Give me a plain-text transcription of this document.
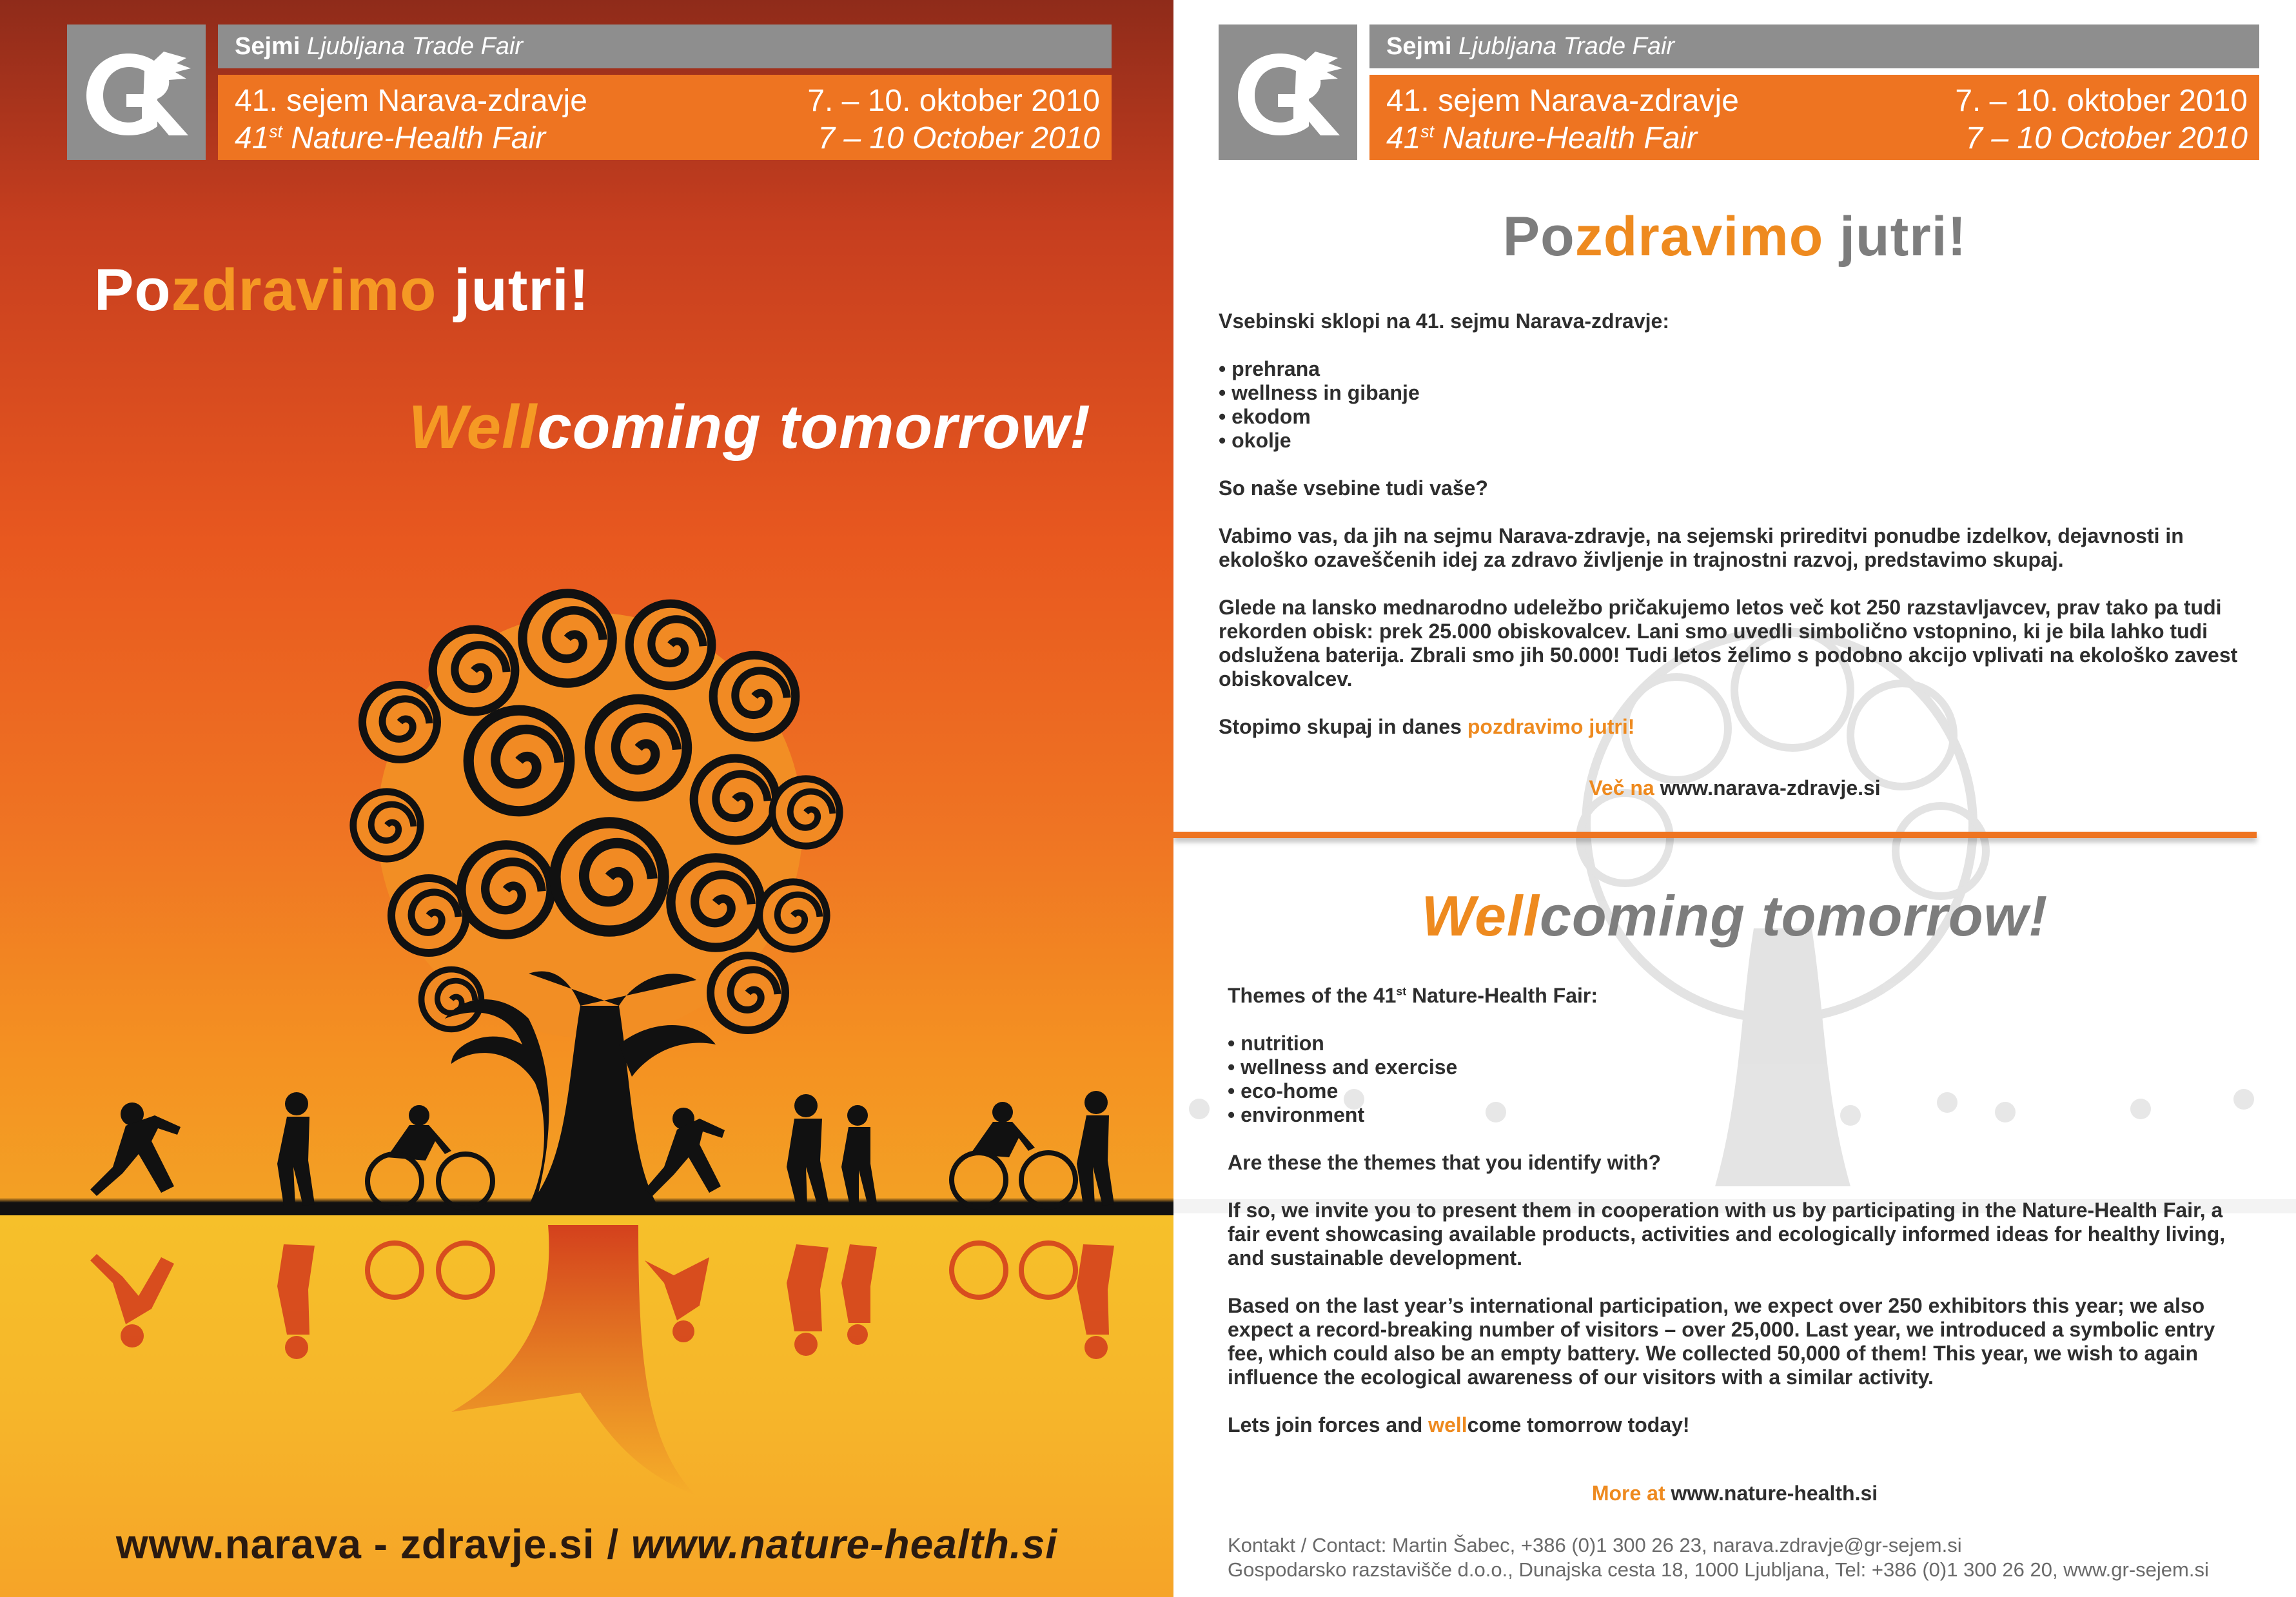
Sejmi Ljubljana Trade Fair
41. sejem Narava-zdravje	7. – 10. oktober 2010
41st Nature-Health Fair	7 – 10 October 2010
Pozdravimo jutri!
Wellcoming tomorrow!
www.narava - zdravje.si / www.nature-health.si
Sejmi Ljubljana Trade Fair
41. sejem Narava-zdravje	7. – 10. oktober 2010
41st Nature-Health Fair	7 – 10 October 2010
Pozdravimo jutri!

Vsebinski sklopi na 41. sejmu Narava-zdravje:

• prehrana
• wellness in gibanje
• ekodom
• okolje

So naše vsebine tudi vaše?

Vabimo vas, da jih na sejmu Narava-zdravje, na sejemski prireditvi ponudbe izdelkov, dejavnosti in ekološko ozaveščenih idej za zdravo življenje in trajnostni razvoj, predstavimo skupaj.

Glede na lansko mednarodno udeležbo pričakujemo letos več kot 250 razstavljavcev, prav tako pa tudi rekorden obisk: prek 25.000 obiskovalcev. Lani smo uvedli simbolično vstopnino, ki je bila lahko tudi odslužena baterija. Zbrali smo jih 50.000! Tudi letos želimo s podobno akcijo vplivati na ekološko zavest obiskovalcev.

Stopimo skupaj in danes pozdravimo jutri!

Več na www.narava-zdravje.si
Wellcoming tomorrow!

Themes of the 41st Nature-Health Fair:

• nutrition
• wellness and exercise
• eco-home
• environment

Are these the themes that you identify with?

If so, we invite you to present them in cooperation with us by participating in the Nature-Health Fair, a fair event showcasing available products, activities and ecologically informed ideas for healthy living, and sustainable development.

Based on the last year’s international participation, we expect over 250 exhibitors this year; we also expect a record-breaking number of visitors – over 25,000. Last year, we introduced a symbolic entry fee, which could also be an empty battery. We collected 50,000 of them! This year, we wish to again influence the ecological awareness of our visitors with a similar activity.

Lets join forces and wellcome tomorrow today!

More at www.nature-health.si
Kontakt / Contact: Martin Šabec, +386 (0)1 300 26 23, narava.zdravje@gr-sejem.si
Gospodarsko razstavišče d.o.o., Dunajska cesta 18, 1000 Ljubljana, Tel: +386 (0)1 300 26 20, www.gr-sejem.si
